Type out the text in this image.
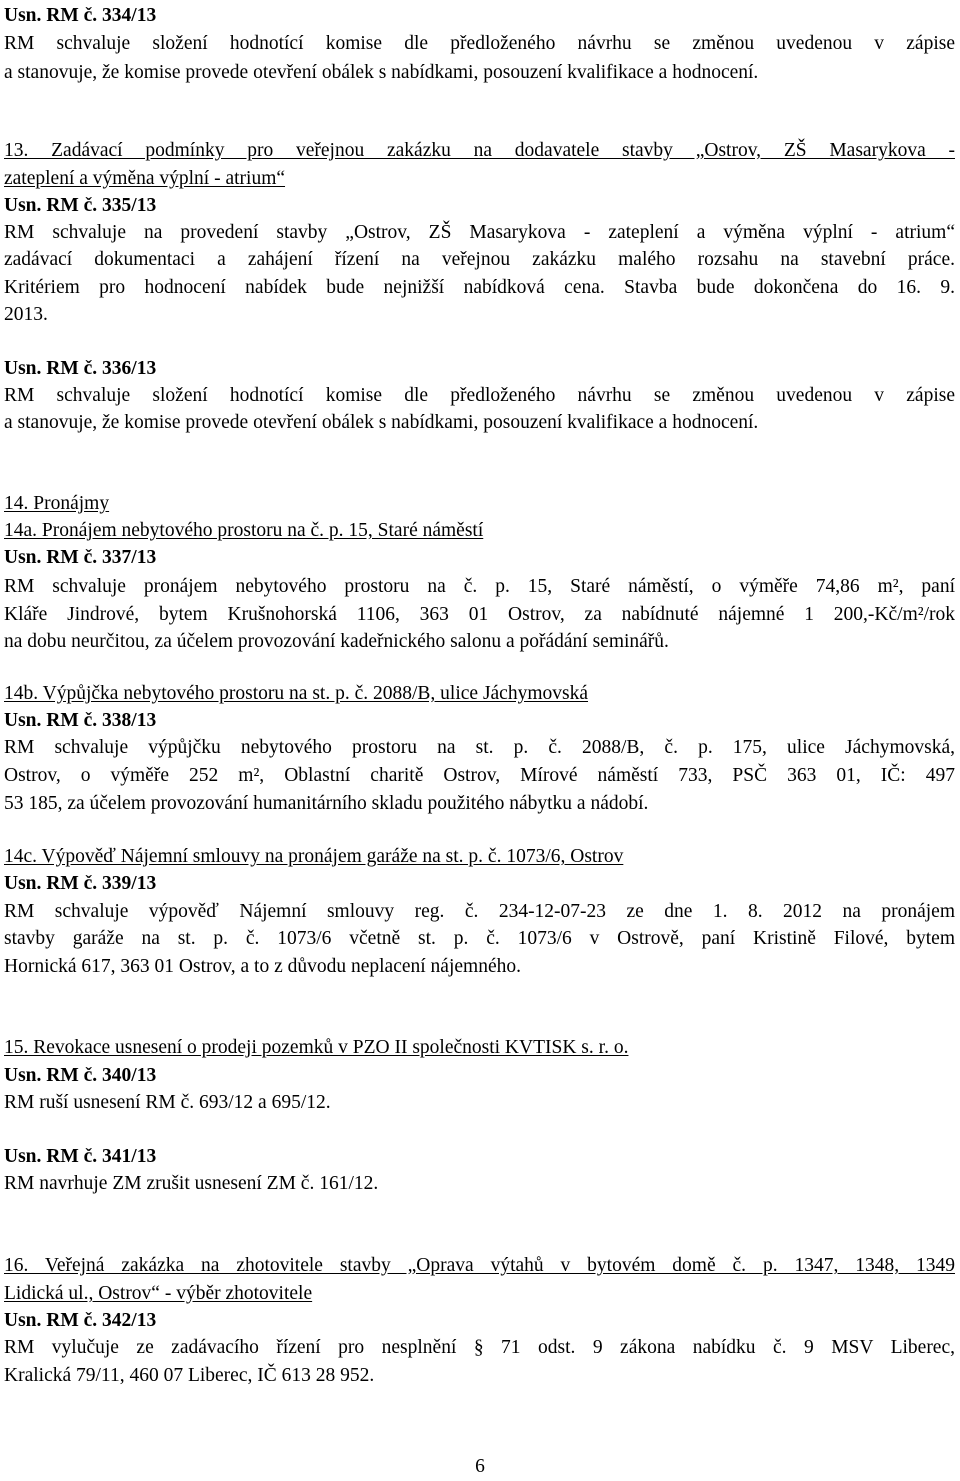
Usn. RM č. 334/13
RM schvaluje složení hodnotící komise dle předloženého návrhu se změnou uvedenou v zápise
a stanovuje, že komise provede otevření obálek s nabídkami, posouzení kvalifikace a hodnocení.
13. Zadávací podmínky pro veřejnou zakázku na dodavatele stavby „Ostrov, ZŠ Masarykova -
zateplení a výměna výplní - atrium“
Usn. RM č. 335/13
RM schvaluje na provedení stavby „Ostrov, ZŠ Masarykova - zateplení a výměna výplní - atrium“
zadávací dokumentaci a zahájení řízení na veřejnou zakázku malého rozsahu na stavební práce.
Kritériem pro hodnocení nabídek bude nejnižší nabídková cena. Stavba bude dokončena do 16. 9.
2013.
Usn. RM č. 336/13
RM schvaluje složení hodnotící komise dle předloženého návrhu se změnou uvedenou v zápise
a stanovuje, že komise provede otevření obálek s nabídkami, posouzení kvalifikace a hodnocení.
14. Pronájmy
14a. Pronájem nebytového prostoru na č. p. 15, Staré náměstí
Usn. RM č. 337/13
RM schvaluje pronájem nebytového prostoru na č. p. 15, Staré náměstí, o výměře 74,86 m², paní
Kláře Jindrové, bytem Krušnohorská 1106, 363 01 Ostrov, za nabídnuté nájemné 1 200,-Kč/m²/rok
na dobu neurčitou, za účelem provozování kadeřnického salonu a pořádání seminářů.
14b. Výpůjčka nebytového prostoru na st. p. č. 2088/B, ulice Jáchymovská
Usn. RM č. 338/13
RM schvaluje výpůjčku nebytového prostoru na st. p. č. 2088/B, č. p. 175, ulice Jáchymovská,
Ostrov, o výměře 252 m², Oblastní charitě Ostrov, Mírové náměstí 733, PSČ 363 01, IČ: 497
53 185, za účelem provozování humanitárního skladu použitého nábytku a nádobí.
14c. Výpověď Nájemní smlouvy na pronájem garáže na st. p. č. 1073/6, Ostrov
Usn. RM č. 339/13
RM schvaluje výpověď Nájemní smlouvy reg. č. 234-12-07-23 ze dne 1. 8. 2012 na pronájem
stavby garáže na st. p. č. 1073/6 včetně st. p. č. 1073/6 v Ostrově, paní Kristině Filové, bytem
Hornická 617, 363 01 Ostrov, a to z důvodu neplacení nájemného.
15. Revokace usnesení o prodeji pozemků v PZO II společnosti KVTISK s. r. o.
Usn. RM č. 340/13
RM ruší usnesení RM č. 693/12 a 695/12.
Usn. RM č. 341/13
RM navrhuje ZM zrušit usnesení ZM č. 161/12.
16. Veřejná zakázka na zhotovitele stavby „Oprava výtahů v bytovém domě č. p. 1347, 1348, 1349
Lidická ul., Ostrov“ - výběr zhotovitele
Usn. RM č. 342/13
RM vylučuje ze zadávacího řízení pro nesplnění § 71 odst. 9 zákona nabídku č. 9 MSV Liberec,
Kralická 79/11, 460 07 Liberec, IČ 613 28 952.
6
